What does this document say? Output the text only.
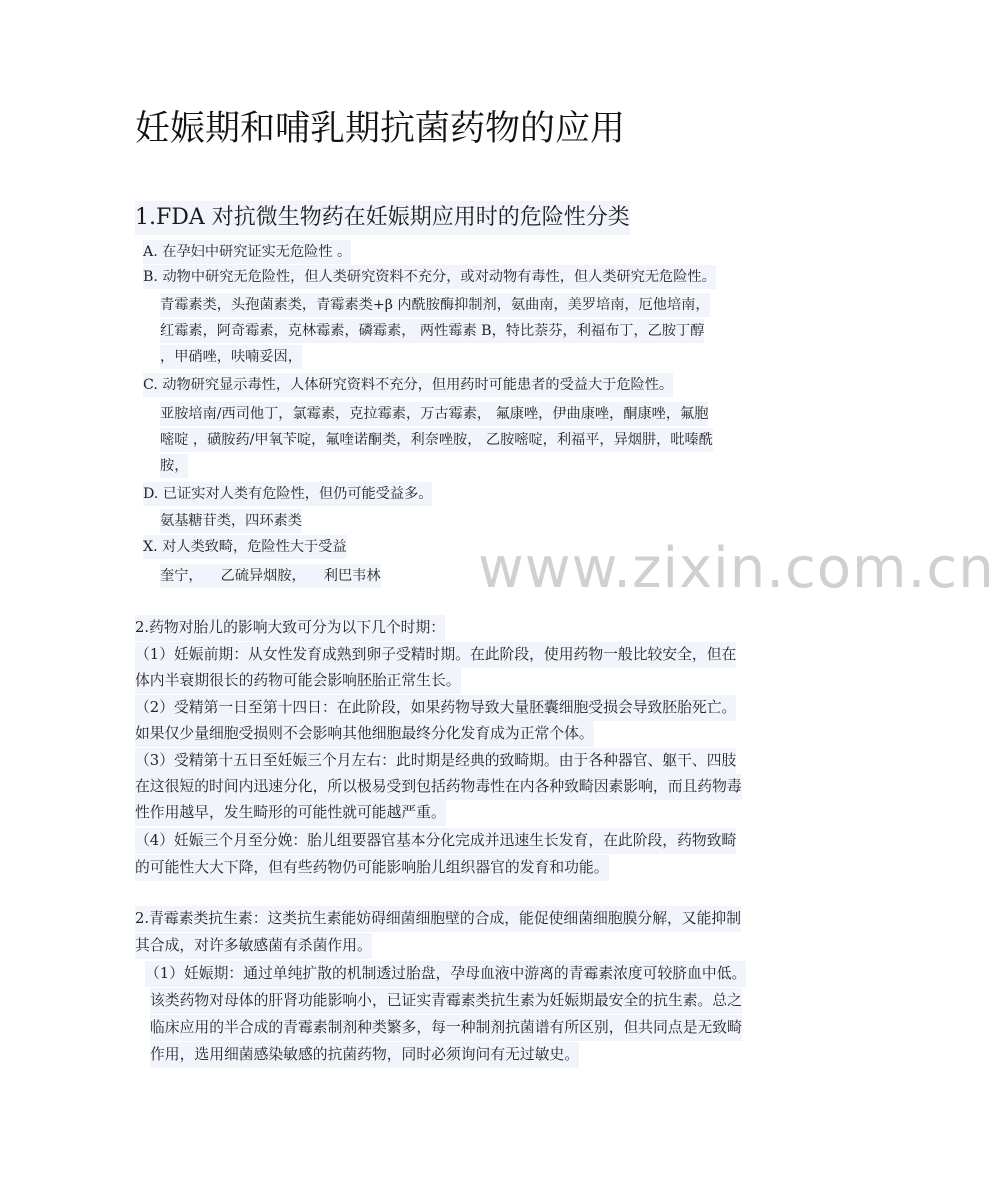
妊娠期和哺乳期抗菌药物的应用
1.FDA 对抗微生物药在妊娠期应用时的危险性分类
A. 在孕妇中研究证实无危险性 。
B. 动物中研究无危险性，但人类研究资料不充分，或对动物有毒性，但人类研究无危险性。
青霉素类，头孢菌素类，青霉素类+β 内酰胺酶抑制剂，氨曲南，美罗培南，厄他培南，
红霉素，阿奇霉素，克林霉素，磷霉素， 两性霉素 B，特比萘芬，利福布丁，乙胺丁醇
，甲硝唑，呋喃妥因，
C. 动物研究显示毒性，人体研究资料不充分，但用药时可能患者的受益大于危险性。
亚胺培南/西司他丁，氯霉素，克拉霉素，万古霉素， 氟康唑，伊曲康唑，酮康唑，氟胞
嘧啶 ，磺胺药/甲氧苄啶，氟喹诺酮类，利奈唑胺， 乙胺嘧啶，利福平，异烟肼，吡嗪酰
胺，
D. 已证实对人类有危险性，但仍可能受益多。
氨基糖苷类，四环素类
X. 对人类致畸，危险性大于受益
奎宁，    乙硫异烟胺，    利巴韦林 www.zixin.com.cn
2.药物对胎儿的影响大致可分为以下几个时期：
（1）妊娠前期：从女性发育成熟到卵子受精时期。在此阶段，使用药物一般比较安全，但在
体内半衰期很长的药物可能会影响胚胎正常生长。
（2）受精第一日至第十四日：在此阶段，如果药物导致大量胚囊细胞受损会导致胚胎死亡。
如果仅少量细胞受损则不会影响其他细胞最终分化发育成为正常个体。
（3）受精第十五日至妊娠三个月左右：此时期是经典的致畸期。由于各种器官、躯干、四肢
在这很短的时间内迅速分化，所以极易受到包括药物毒性在内各种致畸因素影响，而且药物毒
性作用越早，发生畸形的可能性就可能越严重。
（4）妊娠三个月至分娩：胎儿组要器官基本分化完成并迅速生长发育，在此阶段，药物致畸
的可能性大大下降，但有些药物仍可能影响胎儿组织器官的发育和功能。
2.青霉素类抗生素：这类抗生素能妨碍细菌细胞壁的合成，能促使细菌细胞膜分解，又能抑制
其合成，对许多敏感菌有杀菌作用。
（1）妊娠期：通过单纯扩散的机制透过胎盘，孕母血液中游离的青霉素浓度可较脐血中低。
该类药物对母体的肝肾功能影响小，已证实青霉素类抗生素为妊娠期最安全的抗生素。总之
临床应用的半合成的青霉素制剂种类繁多，每一种制剂抗菌谱有所区别，但共同点是无致畸
作用，选用细菌感染敏感的抗菌药物，同时必须询问有无过敏史。
